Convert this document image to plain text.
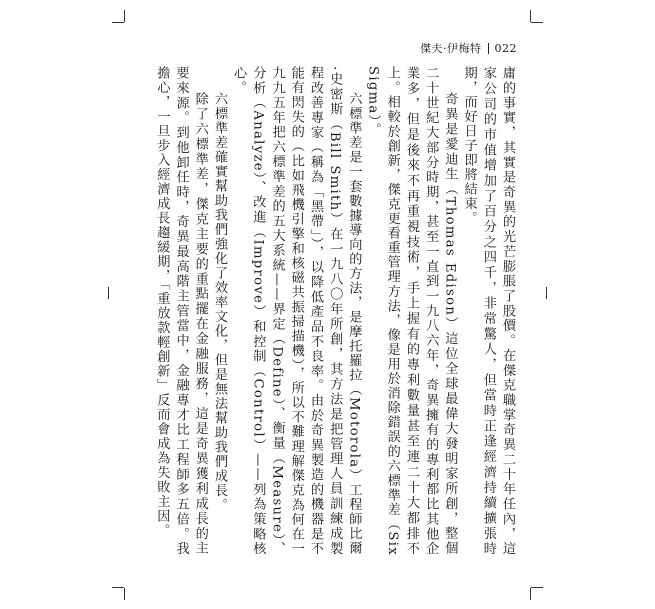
傑夫·伊梅特 022

庸的事實，其實是奇異的光芒膨脹了股價。在傑克職掌奇異二十年任內，這家公司的市值增加了百分之四千，非常驚人，但當時正逢經濟持續擴張時期，而好日子即將結束。

奇異是愛迪生（Thomas Edison）這位全球最偉大發明家所創，整個二十世紀大部分時期，甚至一直到一九八六年，奇異擁有的專利都比其他企業多，但是後來不再重視技術，手上握有的專利數量甚至連二十大都排不上。相較於創新，傑克更看重管理方法，像是用於消除錯誤的六標準差（Six Sigma）。

六標準差是一套數據導向的方法，是摩托羅拉（Motorola）工程師比爾·史密斯（Bill Smith）在一九八〇年所創，其方法是把管理人員訓練成製程改善專家（稱為「黑帶」），以降低產品不良率。由於奇異製造的機器是不能有閃失的（比如飛機引擎和核磁共振掃描機），所以不難理解傑克為何在一九九五年把六標準差的五大系統——界定（Define）、衡量（Measure）、分析（Analyze）、改進（Improve）和控制（Control）——列為策略核心。

六標準差確實幫助我們強化了效率文化，但是無法幫助我們成長。

除了六標準差，傑克主要的重點擺在金融服務，這是奇異獲利成長的主要來源。到他卸任時，奇異最高階主管當中，金融專才比工程師多五倍。我擔心，一旦步入經濟成長趨緩期，「重放款輕創新」反而會成為失敗主因。
